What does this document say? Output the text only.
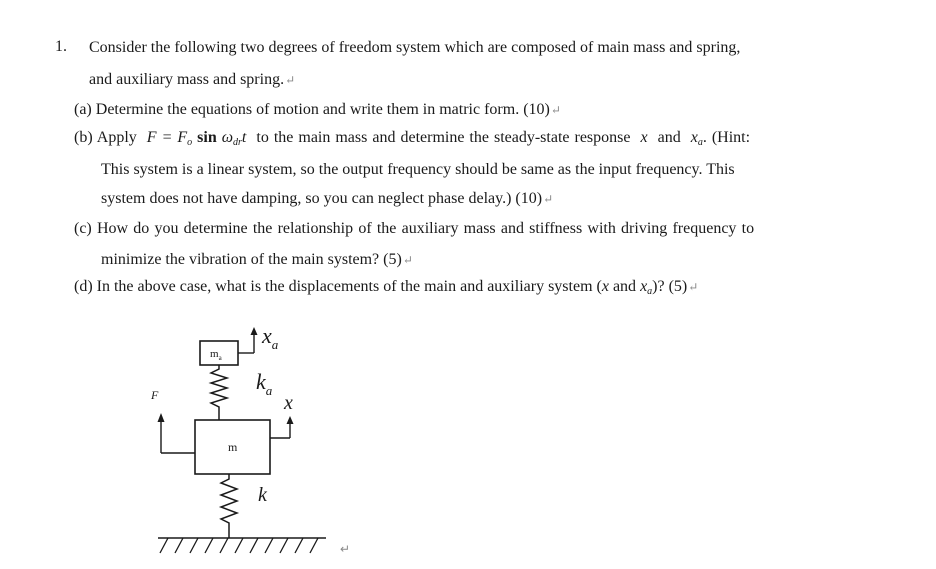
1. Consider the following two degrees of freedom system which are composed of main mass and spring,
and auxiliary mass and spring.↵
(a) Determine the equations of motion and write them in matric form. (10)↵
(b) Apply $F = F_o$ $\sin \omega_{dr}t$ to the main mass and determine the steady-state response x and $x_a$. (Hint:
This system is a linear system, so the output frequency should be same as the input frequency. This
system does not have damping, so you can neglect phase delay.) (10)↵
(c) How do you determine the relationship of the auxiliary mass and stiffness with driving frequency to
minimize the vibration of the main system? (5)↵
(d) In the above case, what is the displacements of the main and auxiliary system (x and $x_a$)? (5)↵
$m_a$
$x_a$
$k_a$
m
x
F
k
↵
